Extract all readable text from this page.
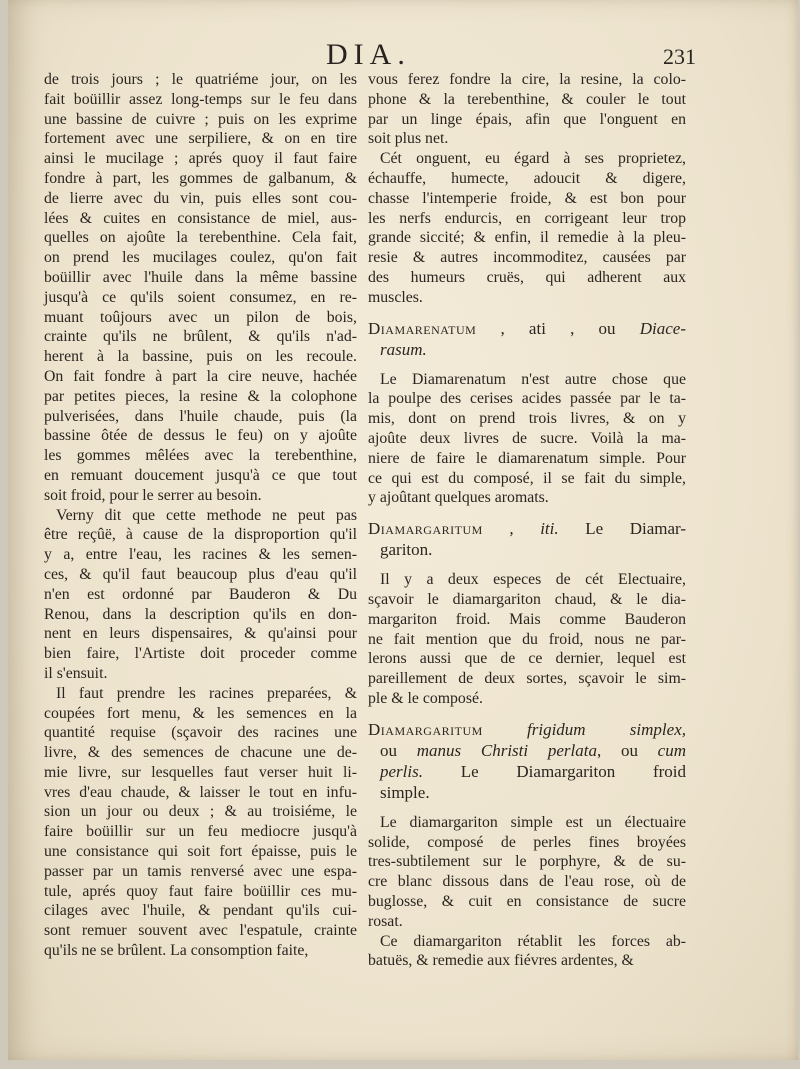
DIA.	231
de trois jours ; le quatriéme jour, on les
fait boüillir assez long-temps sur le feu dans
une bassine de cuivre ; puis on les exprime
fortement avec une serpiliere, & on en tire
ainsi le mucilage ; aprés quoy il faut faire
fondre à part, les gommes de galbanum, &
de lierre avec du vin, puis elles sont cou-
lées & cuites en consistance de miel, aus-
quelles on ajoûte la terebenthine. Cela fait,
on prend les mucilages coulez, qu'on fait
boüillir avec l'huile dans la même bassine
jusqu'à ce qu'ils soient consumez, en re-
muant toûjours avec un pilon de bois,
crainte qu'ils ne brûlent, & qu'ils n'ad-
herent à la bassine, puis on les recoule.
On fait fondre à part la cire neuve, hachée
par petites pieces, la resine & la colophone
pulverisées, dans l'huile chaude, puis (la
bassine ôtée de dessus le feu) on y ajoûte
les gommes mêlées avec la terebenthine,
en remuant doucement jusqu'à ce que tout
soit froid, pour le serrer au besoin.
Verny dit que cette methode ne peut pas
être reçûë, à cause de la disproportion qu'il
y a, entre l'eau, les racines & les semen-
ces, & qu'il faut beaucoup plus d'eau qu'il
n'en est ordonné par Bauderon & Du
Renou, dans la description qu'ils en don-
nent en leurs dispensaires, & qu'ainsi pour
bien faire, l'Artiste doit proceder comme
il s'ensuit.
Il faut prendre les racines preparées, &
coupées fort menu, & les semences en la
quantité requise (sçavoir des racines une
livre, & des semences de chacune une de-
mie livre, sur lesquelles faut verser huit li-
vres d'eau chaude, & laisser le tout en infu-
sion un jour ou deux ; & au troisiéme, le
faire boüillir sur un feu mediocre jusqu'à
une consistance qui soit fort épaisse, puis le
passer par un tamis renversé avec une espa-
tule, aprés quoy faut faire boüillir ces mu-
cilages avec l'huile, & pendant qu'ils cui-
sont remuer souvent avec l'espatule, crainte
qu'ils ne se brûlent. La consomption faite,
vous ferez fondre la cire, la resine, la colo-
phone & la terebenthine, & couler le tout
par un linge épais, afin que l'onguent en
soit plus net.
Cét onguent, eu égard à ses proprietez,
échauffe, humecte, adoucit & digere,
chasse l'intemperie froide, & est bon pour
les nerfs endurcis, en corrigeant leur trop
grande siccité; & enfin, il remedie à la pleu-
resie & autres incommoditez, causées par
des humeurs cruës, qui adherent aux
muscles.
Diamarenatum , ati , ou Diace-
rasum.
Le Diamarenatum n'est autre chose que
la poulpe des cerises acides passée par le ta-
mis, dont on prend trois livres, & on y
ajoûte deux livres de sucre. Voilà la ma-
niere de faire le diamarenatum simple. Pour
ce qui est du composé, il se fait du simple,
y ajoûtant quelques aromats.
Diamargaritum , iti. Le Diamar-
gariton.
Il y a deux especes de cét Electuaire,
sçavoir le diamargariton chaud, & le dia-
margariton froid. Mais comme Bauderon
ne fait mention que du froid, nous ne par-
lerons aussi que de ce dernier, lequel est
pareillement de deux sortes, sçavoir le sim-
ple & le composé.
Diamargaritum	frigidum simplex,
ou manus Christi perlata, ou cum
perlis. Le Diamargariton froid
simple.
Le diamargariton simple est un électuaire
solide, composé de perles fines broyées
tres-subtilement sur le porphyre, & de su-
cre blanc dissous dans de l'eau rose, où de
buglosse, & cuit en consistance de sucre
rosat.
Ce diamargariton rétablit les forces ab-
batuës, & remedie aux fiévres ardentes, &
